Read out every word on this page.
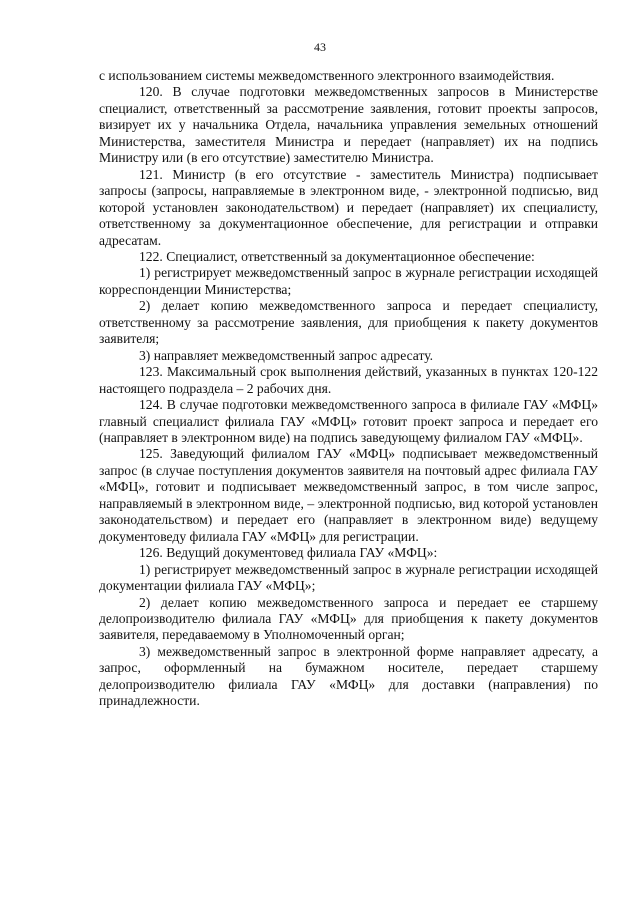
43

с использованием системы межведомственного электронного взаимодействия.

120. В случае подготовки межведомственных запросов в Министерстве специалист, ответственный за рассмотрение заявления, готовит проекты запросов, визирует их у начальника Отдела, начальника управления земельных отношений Министерства, заместителя Министра и передает (направляет) их на подпись Министру или (в его отсутствие) заместителю Министра.

121. Министр (в его отсутствие - заместитель Министра) подписывает запросы (запросы, направляемые в электронном виде, - электронной подписью, вид которой установлен законодательством) и передает (направляет) их специалисту, ответственному за документационное обеспечение, для регистрации и отправки адресатам.

122. Специалист, ответственный за документационное обеспечение:

1) регистрирует межведомственный запрос в журнале регистрации исходящей корреспонденции Министерства;

2) делает копию межведомственного запроса и передает специалисту, ответственному за рассмотрение заявления, для приобщения к пакету документов заявителя;

3) направляет межведомственный запрос адресату.

123. Максимальный срок выполнения действий, указанных в пунктах 120-122 настоящего подраздела – 2 рабочих дня.

124. В случае подготовки межведомственного запроса в филиале ГАУ «МФЦ» главный специалист филиала ГАУ «МФЦ» готовит проект запроса и передает его (направляет в электронном виде) на подпись заведующему филиалом ГАУ «МФЦ».

125. Заведующий филиалом ГАУ «МФЦ» подписывает межведомственный запрос (в случае поступления документов заявителя на почтовый адрес филиала ГАУ «МФЦ», готовит и подписывает межведомственный запрос, в том числе запрос, направляемый в электронном виде, – электронной подписью, вид которой установлен законодательством) и передает его (направляет в электронном виде) ведущему документоведу филиала ГАУ «МФЦ» для регистрации.

126. Ведущий документовед филиала ГАУ «МФЦ»:

1) регистрирует межведомственный запрос в журнале регистрации исходящей документации филиала ГАУ «МФЦ»;

2) делает копию межведомственного запроса и передает ее старшему делопроизводителю филиала ГАУ «МФЦ» для приобщения к пакету документов заявителя, передаваемому в Уполномоченный орган;

3) межведомственный запрос в электронной форме направляет адресату, а запрос, оформленный на бумажном носителе, передает старшему делопроизводителю филиала ГАУ «МФЦ» для доставки (направления) по принадлежности.
